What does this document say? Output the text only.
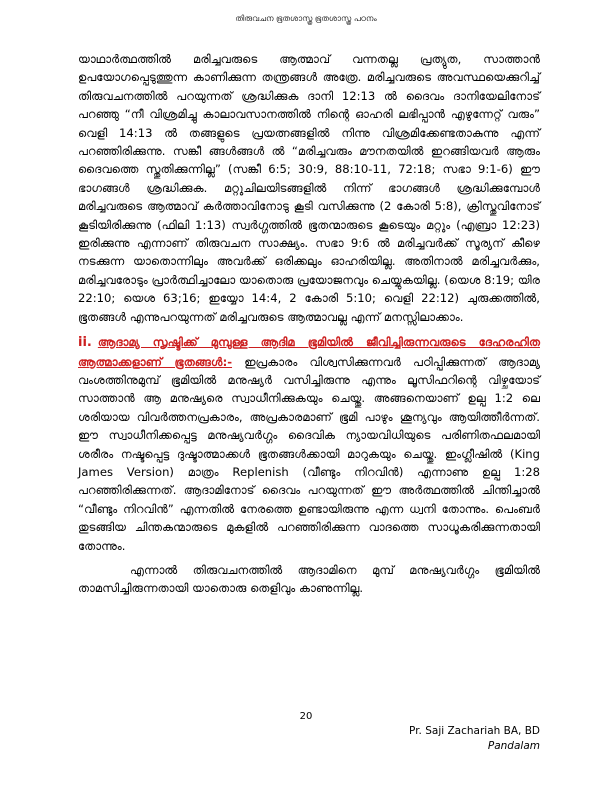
തിരുവചന ഭൂതശാസ്ത്ര ഭൂതശാസ്ത്ര പഠനം

യാഥാർത്ഥത്തിൽ മരിച്ചവരുടെ ആത്മാവ് വന്നതല്ല പ്രത്യുത, സാത്താൻ ഉപയോഗപ്പെടുത്തുന്ന കാണിക്കുന്ന തന്ത്രങ്ങൾ അത്രേ. മരിച്ചവരുടെ അവസ്ഥയെക്കുറിച്ച് തിരുവചനത്തിൽ പറയുന്നത് ശ്രദ്ധിക്കുക ദാനി 12:13 ൽ ദൈവം ദാനിയേലിനോട് പറഞ്ഞു “നീ വിശ്രമിച്ചു കാലാവസാനത്തിൽ നിന്റെ ഓഹരി ലഭിപ്പാൻ എഴുന്നേറ്റ് വരും” വെളി 14:13 ൽ തങ്ങളുടെ പ്രയത്നങ്ങളിൽ നിന്നു വിശ്രമിക്കേണ്ടതാകുന്നു എന്ന് പറഞ്ഞിരിക്കുന്നു. സങ്കീ ങ്ങൾങ്ങൾ ൽ “മരിച്ചവരും മൗനതയിൽ ഇറങ്ങിയവർ ആരും ദൈവത്തെ സ്തുതിക്കുന്നില്ല” (സങ്കീ 6:5; 30:9, 88:10-11, 72:18; സഭാ 9:1-6) ഈ ഭാഗങ്ങൾ ശ്രദ്ധിക്കുക. മറ്റുചിലയിടങ്ങളിൽ നിന്ന് ഭാഗങ്ങൾ ശ്രദ്ധിക്കുമ്പോൾ മരിച്ചവരുടെ ആത്മാവ് കർത്താവിനോടു കൂടി വസിക്കുന്നു (2 കോരി 5:8), ക്രിസ്തുവിനോട് കൂടിയിരിക്കുന്നു (ഫിലി 1:13) സ്വർഗ്ഗത്തിൽ ഭൂതന്മാരുടെ കൂടെയും മറ്റും (എബ്രാ 12:23) ഇരിക്കുന്നു എന്നാണ് തിരുവചന സാക്ഷ്യം. സഭാ 9:6 ൽ മരിച്ചവർക്ക് സൂര്യന് കീഴെ നടക്കുന്ന യാതൊന്നിലും അവർക്ക് ഒരിക്കലും ഓഹരിയില്ല. അതിനാൽ മരിച്ചവർക്കും, മരിച്ചവരോടും പ്രാർത്ഥിച്ചാലോ യാതൊരു പ്രയോജനവും ചെയ്യുകയില്ല. (യെശ 8:19; യിര 22:10; യെശ 63;16; ഇയ്യോ 14:4, 2 കോരി 5:10; വെളി 22:12) ചുരുക്കത്തിൽ, ഭൂതങ്ങൾ എന്നുപറയുന്നത് മരിച്ചവരുടെ ആത്മാവല്ല എന്ന് മനസ്സിലാക്കാം.

ii. ആദാമ്യ സൃഷ്ടിക്ക് മുമ്പുള്ള ആദിമ ഭൂമിയിൽ ജീവിച്ചിരുന്നവരുടെ ദേഹരഹിത ആത്മാക്കളാണ് ഭൂതങ്ങൾ:- ഇപ്രകാരം വിശ്വസിക്കുന്നവർ പഠിപ്പിക്കുന്നത് ആദാമ്യ വംശത്തിനുമുമ്പ് ഭൂമിയിൽ മനുഷ്യർ വസിച്ചിരുന്നു എന്നും ലൂസിഫറിന്റെ വിഴ്ചയോട് സാത്താൻ ആ മനുഷ്യരെ സ്വാധീനിക്കുകയും ചെയ്തു. അങ്ങനെയാണ് ഉല്പ 1:2 ലെ ശരിയായ വിവർത്തനപ്രകാരം, അപ്രകാരമാണ് ഭൂമി പാഴും ശൂന്യവും ആയിത്തീർന്നത്. ഈ സ്വാധീനിക്കപ്പെട്ട മനുഷ്യവർഗ്ഗം ദൈവിക ന്യായവിധിയുടെ പരിണിതഫലമായി ശരീരം നഷ്ടപ്പെട്ട ദുഷ്ടാത്മാക്കൾ ഭൂതങ്ങൾക്കായി മാറുകയും ചെയ്തു. ഇംഗ്ലീഷിൽ (King James Version) മാത്രം Replenish (വീണ്ടും നിറവിൻ) എന്നാണു ഉല്പ 1:28 പറഞ്ഞിരിക്കുന്നത്. ആദാമിനോട് ദൈവം പറയുന്നത് ഈ അർത്ഥത്തിൽ ചിന്തിച്ചാൽ “വീണ്ടും നിറവിൻ” എന്നതിൽ നേരത്തെ ഉണ്ടായിരുന്നു എന്ന ധ്വനി തോന്നും. പെംബർ തുടങ്ങിയ ചിന്തകന്മാരുടെ മുകളിൽ പറഞ്ഞിരിക്കുന്ന വാദത്തെ സാധൂകരിക്കുന്നതായി തോന്നും.

എന്നാൽ തിരുവചനത്തിൽ ആദാമിനെ മുമ്പ് മനുഷ്യവർഗ്ഗം ഭൂമിയിൽ താമസിച്ചിരുന്നതായി യാതൊരു തെളിവും കാണുന്നില്ല.

20
Pr. Saji Zachariah BA, BD
Pandalam
